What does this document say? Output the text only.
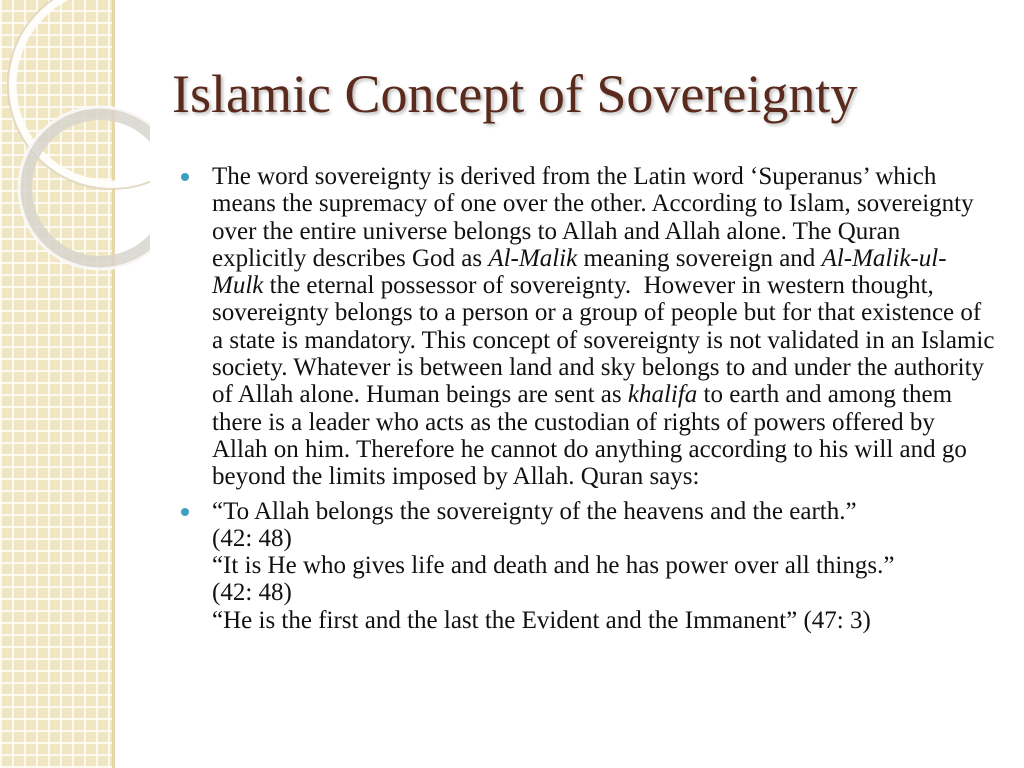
Islamic Concept of Sovereignty
The word sovereignty is derived from the Latin word ‘Superanus’ which means the supremacy of one over the other. According to Islam, sovereignty over the entire universe belongs to Allah and Allah alone. The Quran explicitly describes God as Al-Malik meaning sovereign and Al-Malik-ul-Mulk the eternal possessor of sovereignty.  However in western thought, sovereignty belongs to a person or a group of people but for that existence of a state is mandatory. This concept of sovereignty is not validated in an Islamic society. Whatever is between land and sky belongs to and under the authority of Allah alone. Human beings are sent as khalifa to earth and among them there is a leader who acts as the custodian of rights of powers offered by Allah on him. Therefore he cannot do anything according to his will and go beyond the limits imposed by Allah. Quran says:
“To Allah belongs the sovereignty of the heavens and the earth.”
(42: 48)
“It is He who gives life and death and he has power over all things.”
(42: 48)
“He is the first and the last the Evident and the Immanent” (47: 3)
